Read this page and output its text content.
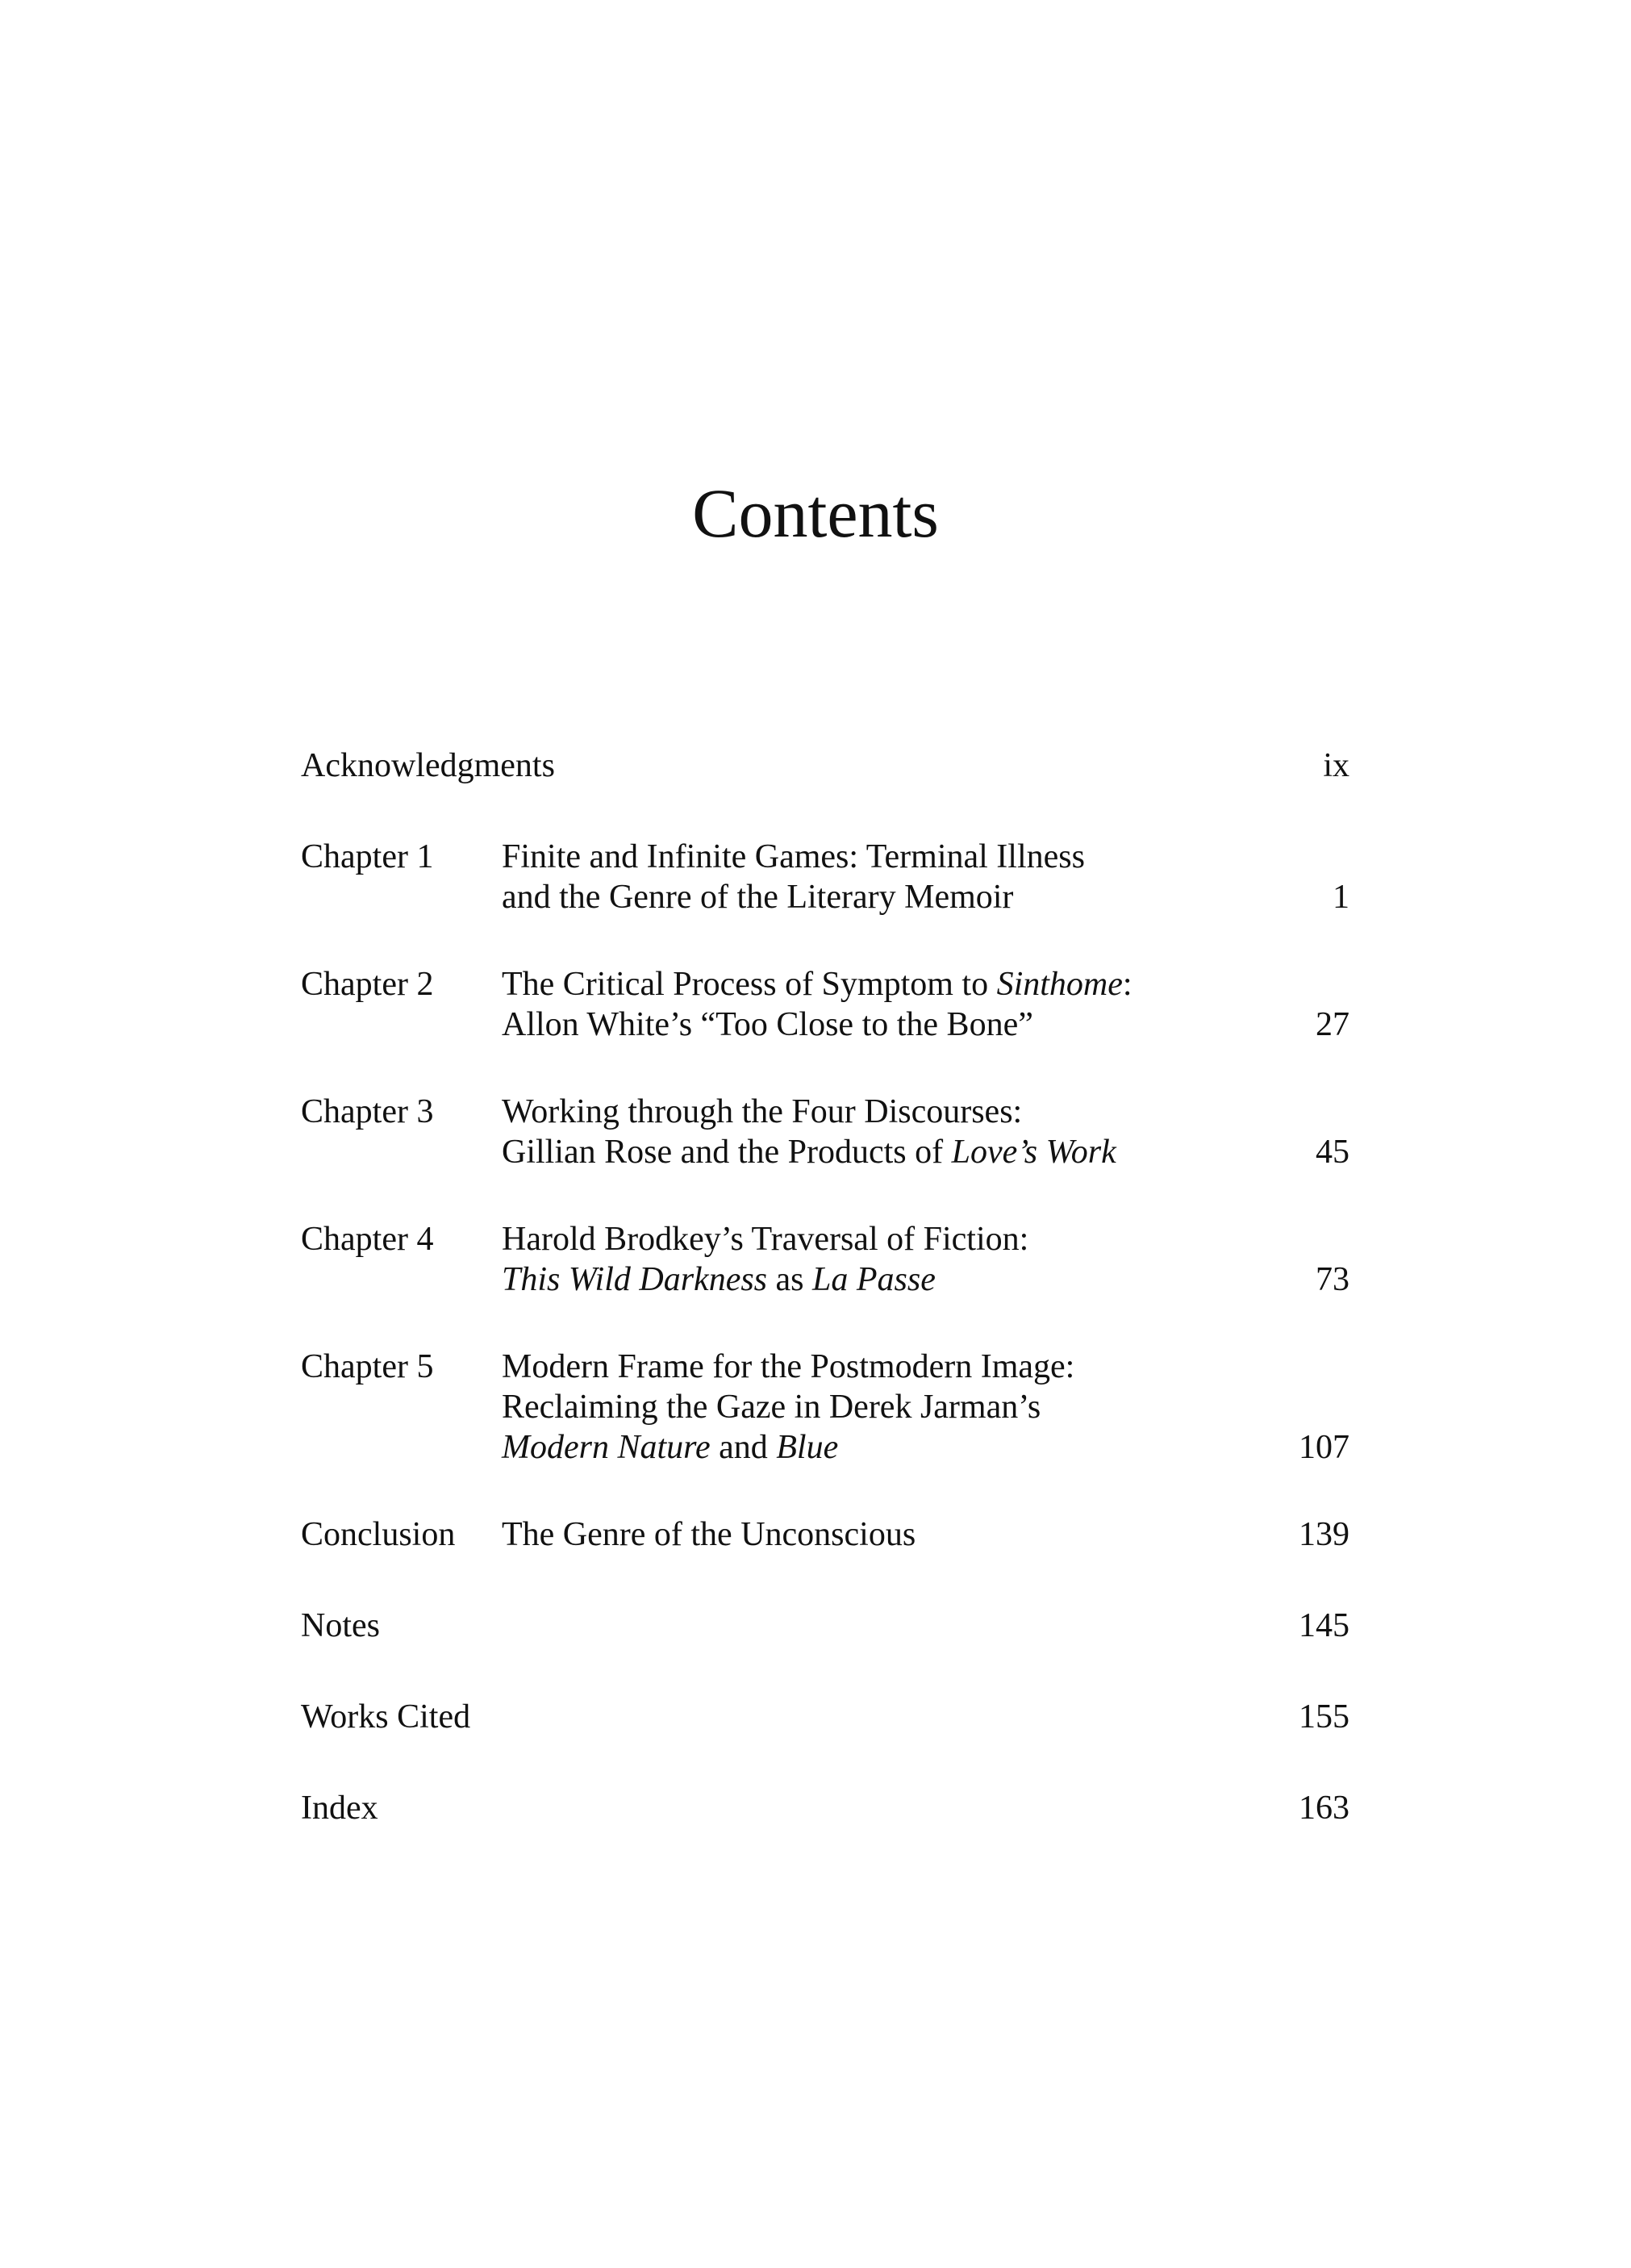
Contents
Acknowledgments	ix
Chapter 1	Finite and Infinite Games: Terminal Illness
and the Genre of the Literary Memoir	1
Chapter 2	The Critical Process of Symptom to Sinthome:
Allon White’s “Too Close to the Bone”	27
Chapter 3	Working through the Four Discourses:
Gillian Rose and the Products of Love’s Work	45
Chapter 4	Harold Brodkey’s Traversal of Fiction:
This Wild Darkness as La Passe	73
Chapter 5	Modern Frame for the Postmodern Image:
Reclaiming the Gaze in Derek Jarman’s
Modern Nature and Blue	107
Conclusion	The Genre of the Unconscious	139
Notes	145
Works Cited	155
Index	163
